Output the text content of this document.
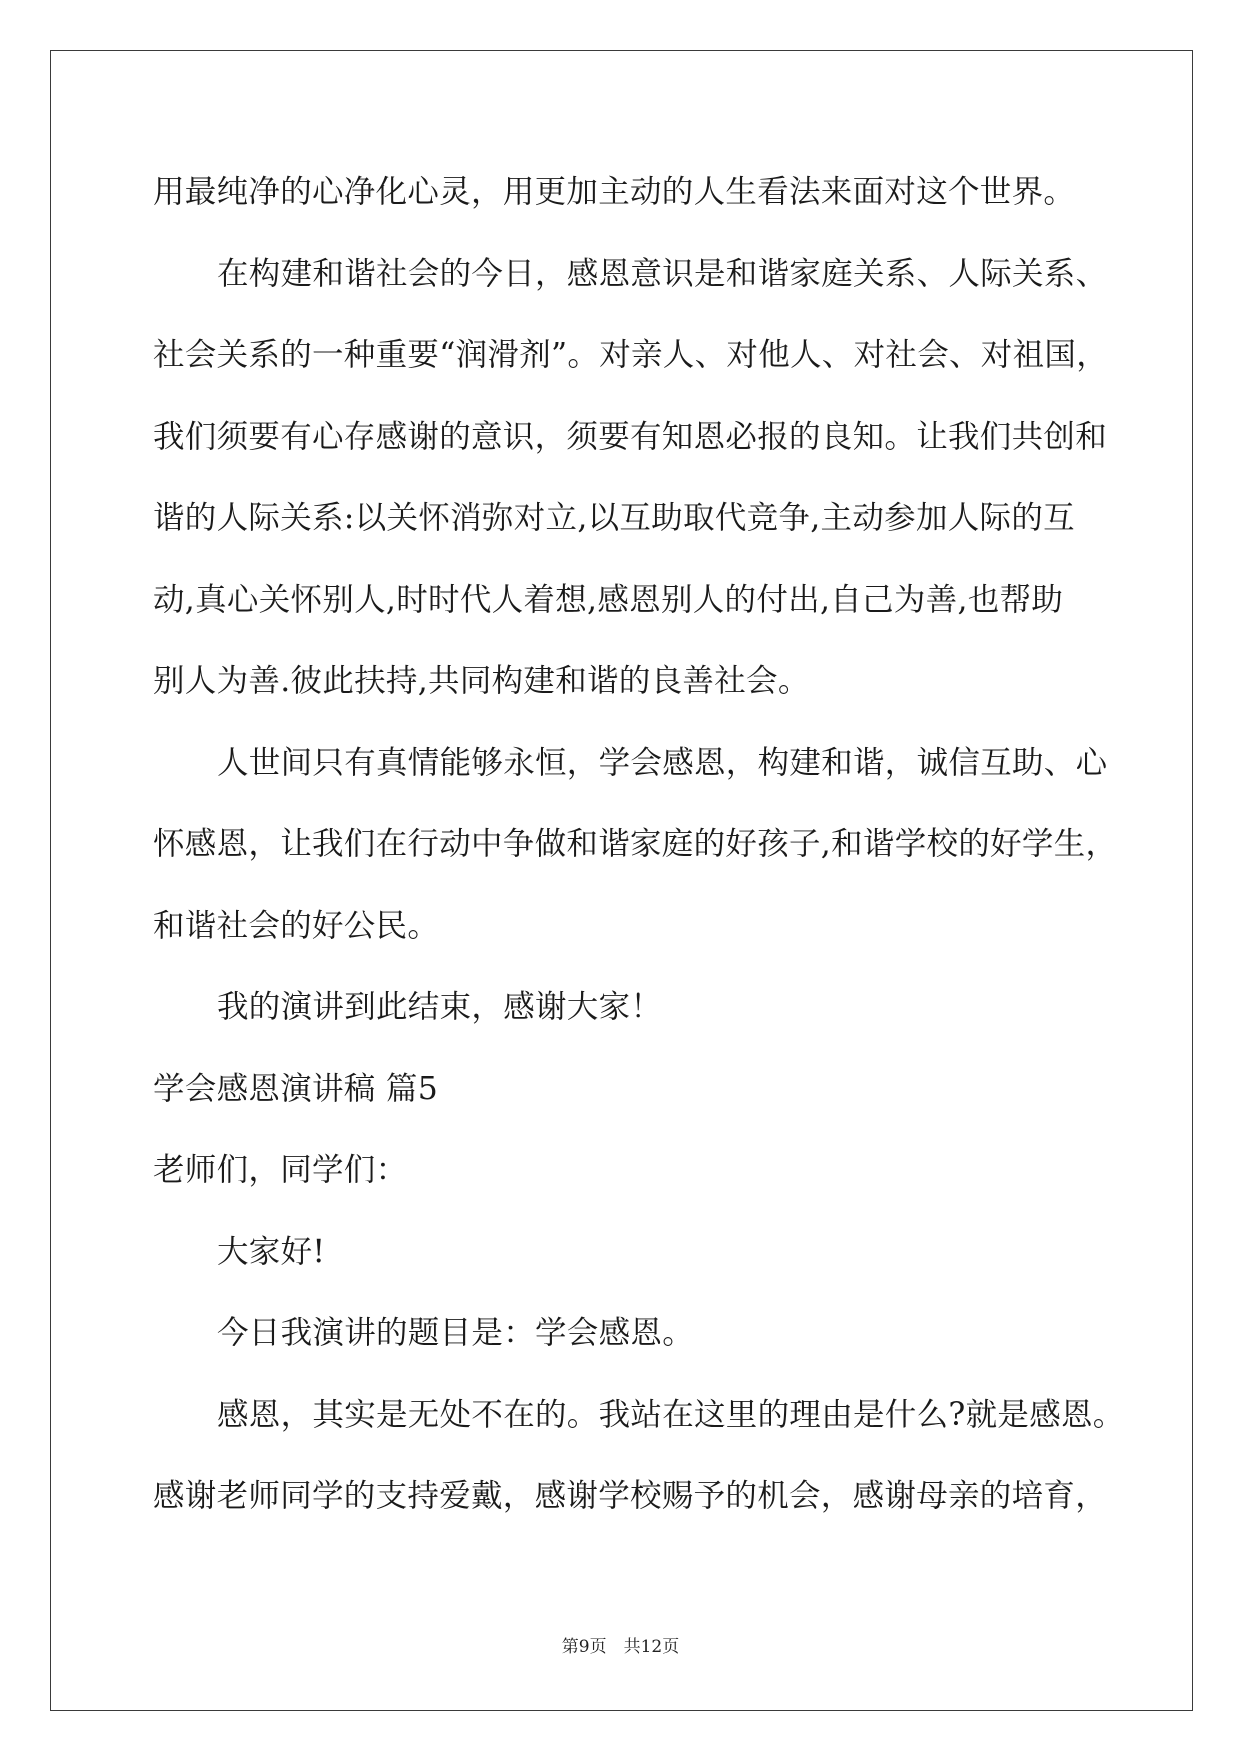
用最纯净的心净化心灵，用更加主动的人生看法来面对这个世界。
在构建和谐社会的今日，感恩意识是和谐家庭关系、人际关系、
社会关系的一种重要“润滑剂”。对亲人、对他人、对社会、对祖国，
我们须要有心存感谢的意识，须要有知恩必报的良知。让我们共创和
谐的人际关系:以关怀消弥对立,以互助取代竞争,主动参加人际的互
动,真心关怀别人,时时代人着想,感恩别人的付出,自己为善,也帮助
别人为善.彼此扶持,共同构建和谐的良善社会。
人世间只有真情能够永恒，学会感恩，构建和谐，诚信互助、心
怀感恩，让我们在行动中争做和谐家庭的好孩子,和谐学校的好学生，
和谐社会的好公民。
我的演讲到此结束，感谢大家！
学会感恩演讲稿 篇5
老师们，同学们：
大家好!
今日我演讲的题目是：学会感恩。
感恩，其实是无处不在的。我站在这里的理由是什么?就是感恩。
感谢老师同学的支持爱戴，感谢学校赐予的机会，感谢母亲的培育，
第9页　共12页
